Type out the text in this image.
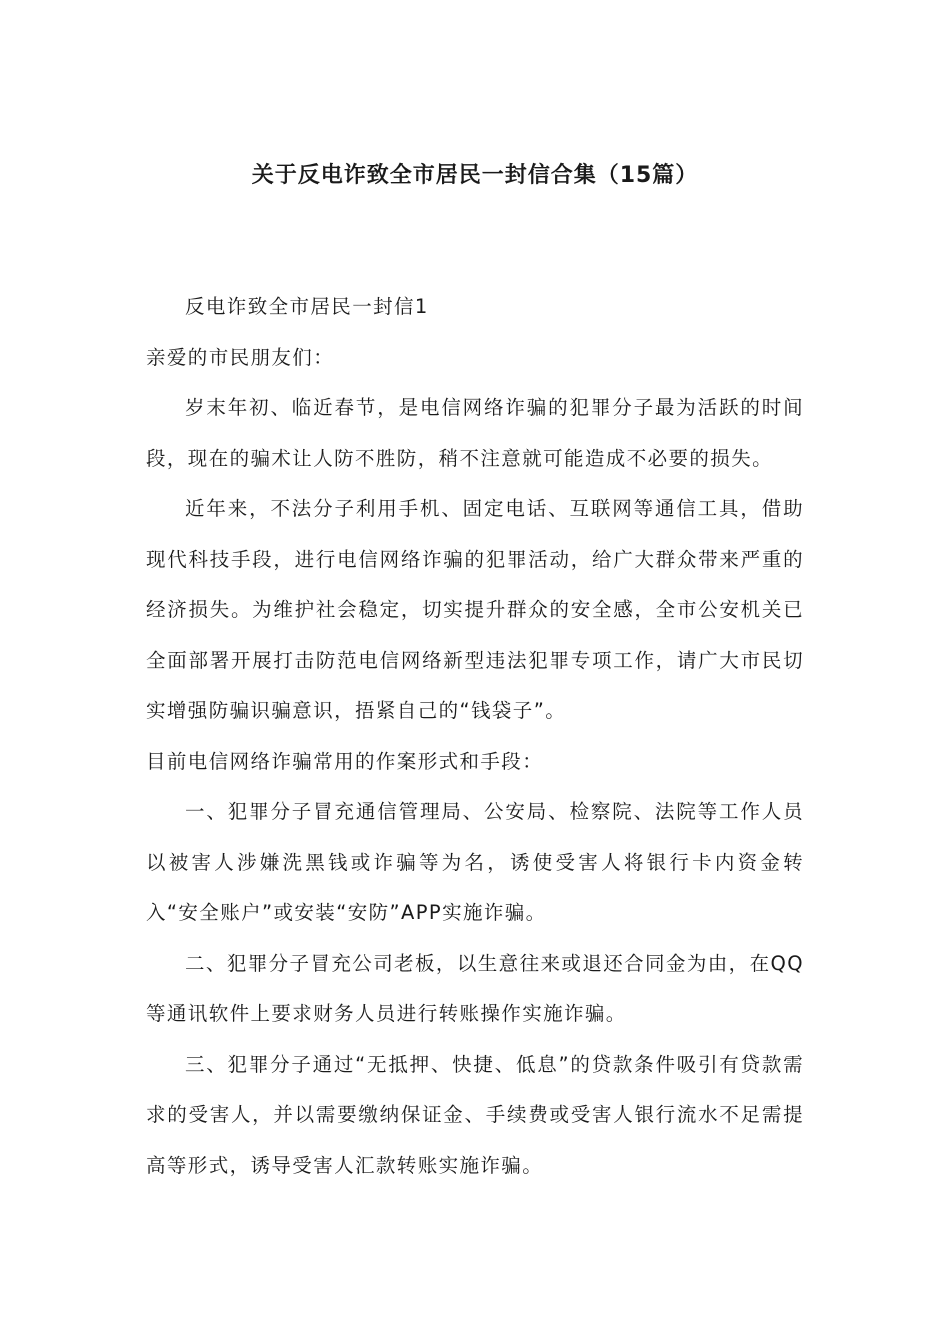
关于反电诈致全市居民一封信合集（15篇）

反电诈致全市居民一封信1

亲爱的市民朋友们：

岁末年初、临近春节，是电信网络诈骗的犯罪分子最为活跃的时间段，现在的骗术让人防不胜防，稍不注意就可能造成不必要的损失。

近年来，不法分子利用手机、固定电话、互联网等通信工具，借助现代科技手段，进行电信网络诈骗的犯罪活动，给广大群众带来严重的经济损失。为维护社会稳定，切实提升群众的安全感，全市公安机关已全面部署开展打击防范电信网络新型违法犯罪专项工作，请广大市民切实增强防骗识骗意识，捂紧自己的“钱袋子”。

目前电信网络诈骗常用的作案形式和手段：

一、犯罪分子冒充通信管理局、公安局、检察院、法院等工作人员以被害人涉嫌洗黑钱或诈骗等为名，诱使受害人将银行卡内资金转入“安全账户”或安装“安防”APP实施诈骗。

二、犯罪分子冒充公司老板，以生意往来或退还合同金为由，在QQ等通讯软件上要求财务人员进行转账操作实施诈骗。

三、犯罪分子通过“无抵押、快捷、低息”的贷款条件吸引有贷款需求的受害人，并以需要缴纳保证金、手续费或受害人银行流水不足需提高等形式，诱导受害人汇款转账实施诈骗。
